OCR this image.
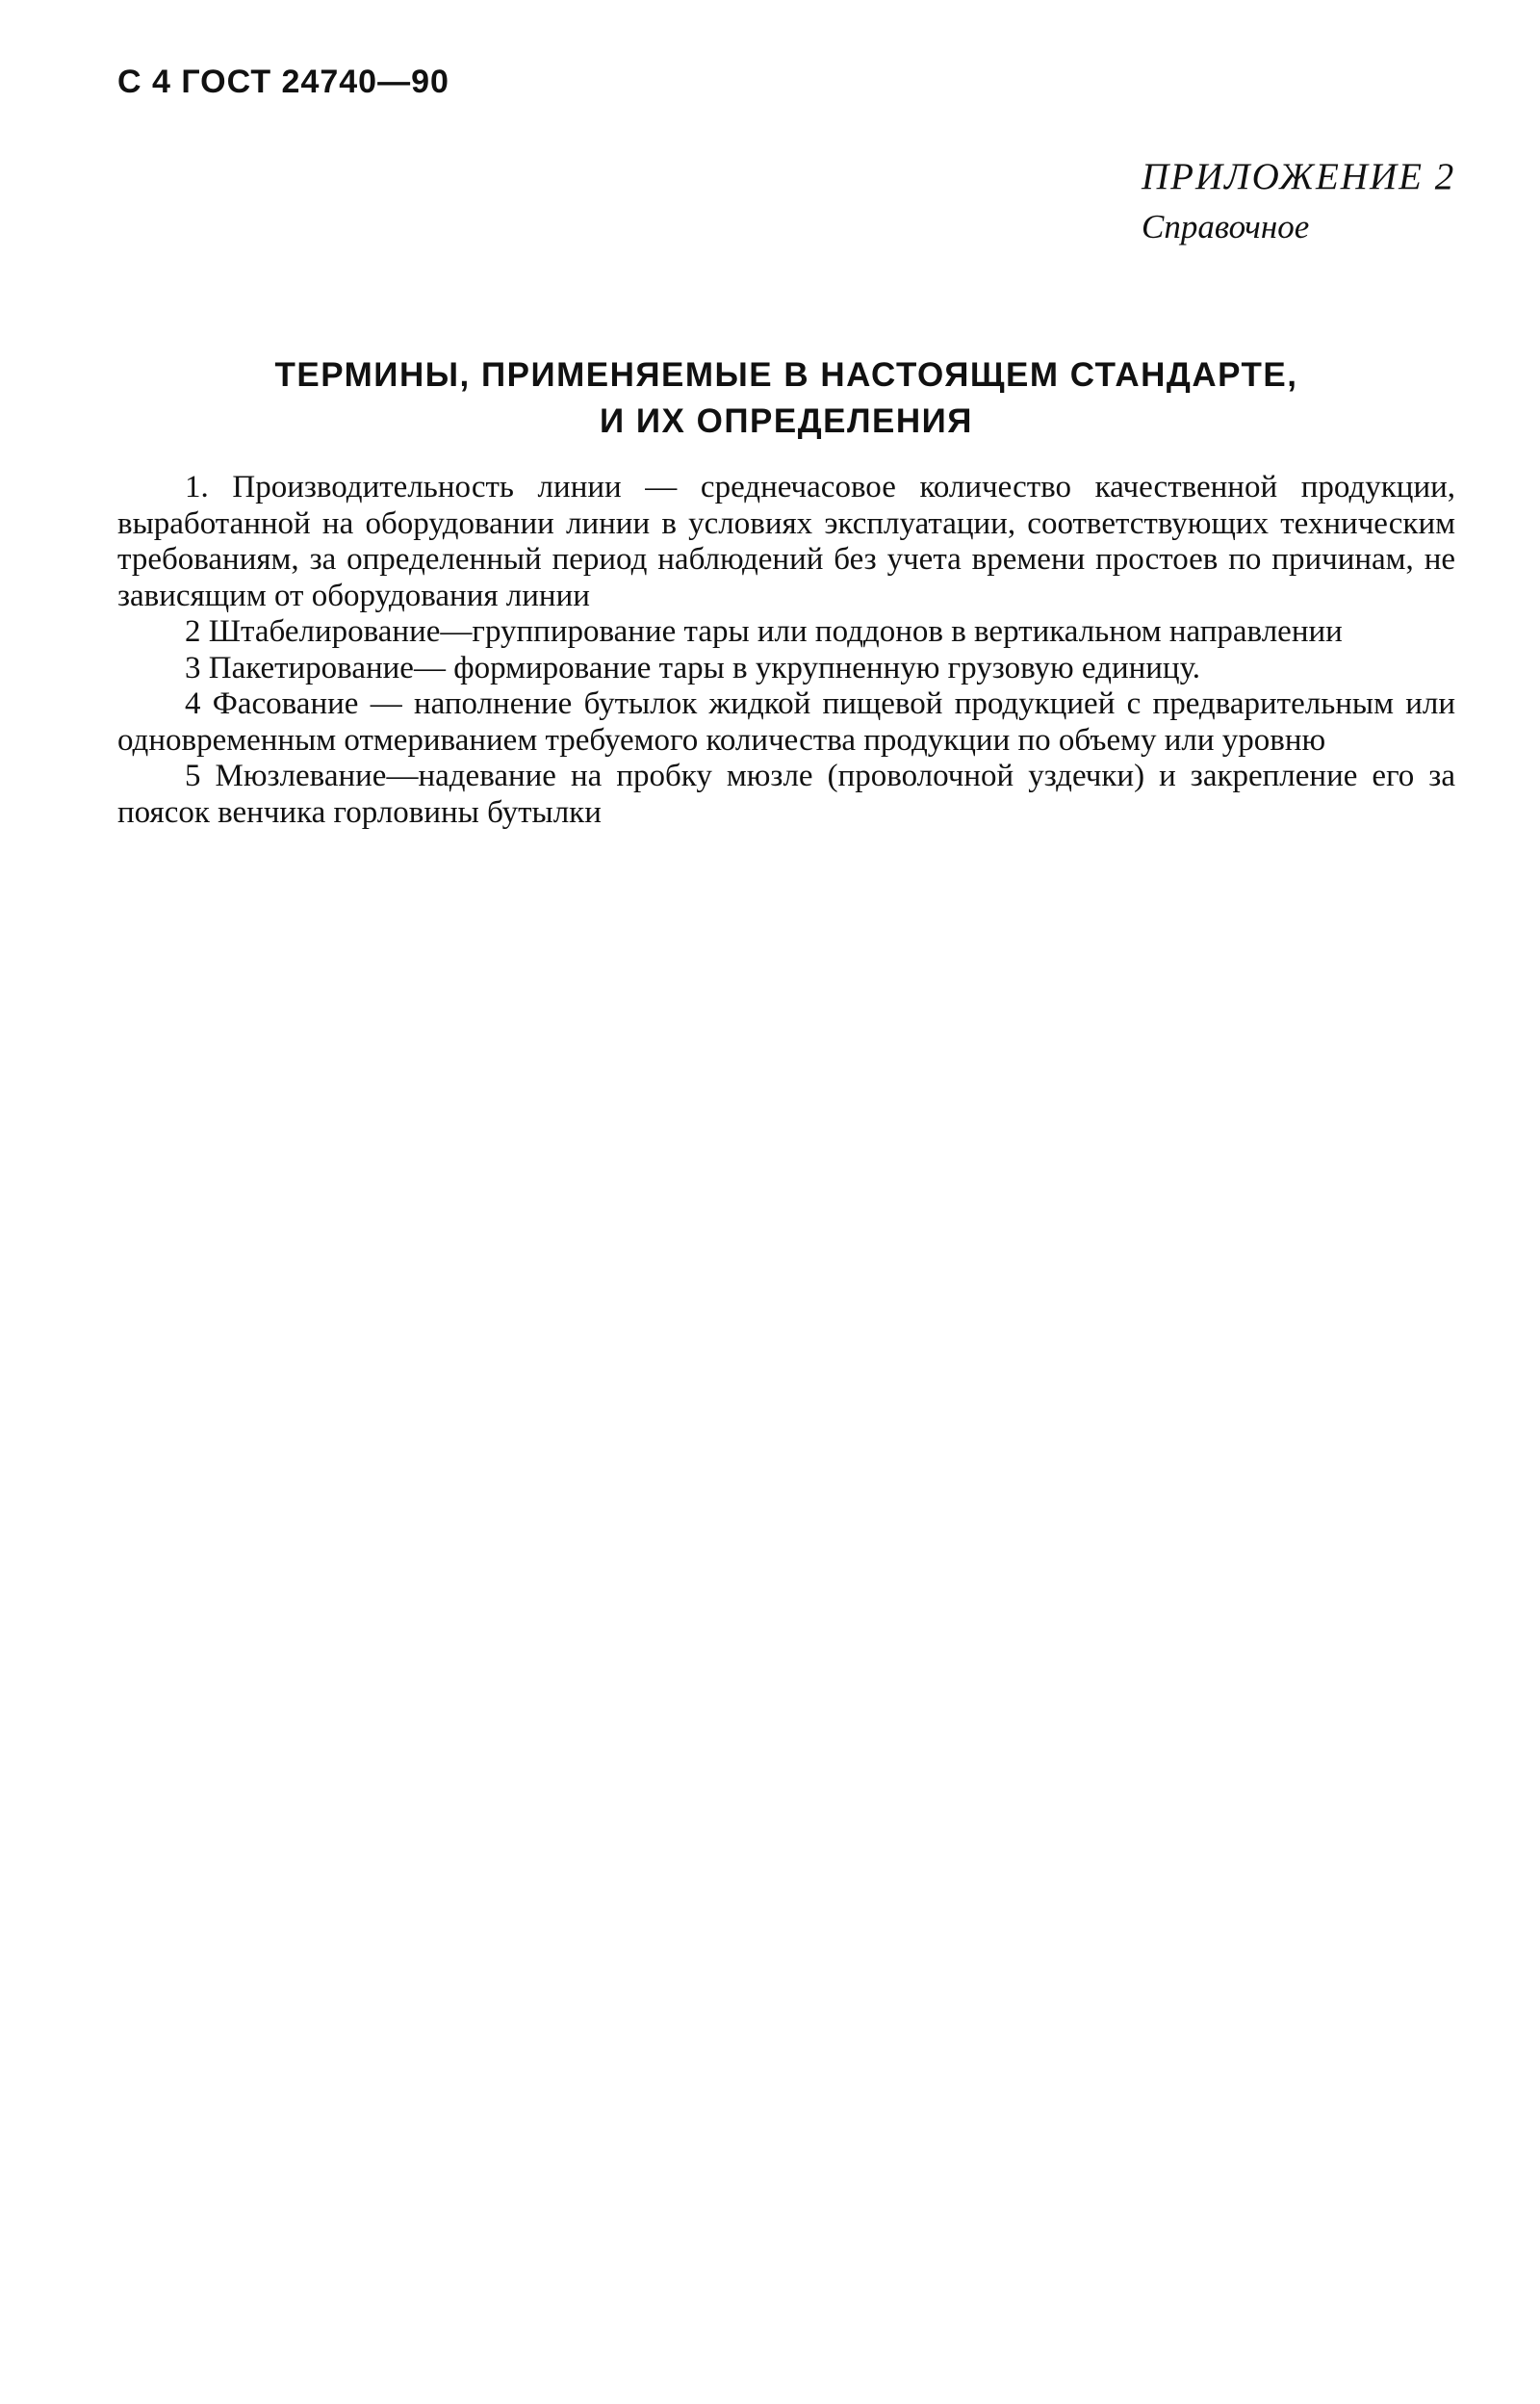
С 4 ГОСТ 24740—90
ПРИЛОЖЕНИЕ 2
Справочное
ТЕРМИНЫ, ПРИМЕНЯЕМЫЕ В НАСТОЯЩЕМ СТАНДАРТЕ,
И ИХ ОПРЕДЕЛЕНИЯ

1. Производительность линии — среднечасовое количество качественной продукции, выработанной на оборудовании линии в условиях эксплуатации, соответствующих техническим требованиям, за определенный период наблюдений без учета времени простоев по причинам, не зависящим от оборудования линии

2 Штабелирование—группирование тары или поддонов в вертикальном направлении

3 Пакетирование— формирование тары в укрупненную грузовую единицу.

4 Фасование — наполнение бутылок жидкой пищевой продукцией с предварительным или одновременным отмериванием требуемого количества продукции по объему или уровню

5 Мюзлевание—надевание на пробку мюзле (проволочной уздечки) и закрепление его за поясок венчика горловины бутылки
